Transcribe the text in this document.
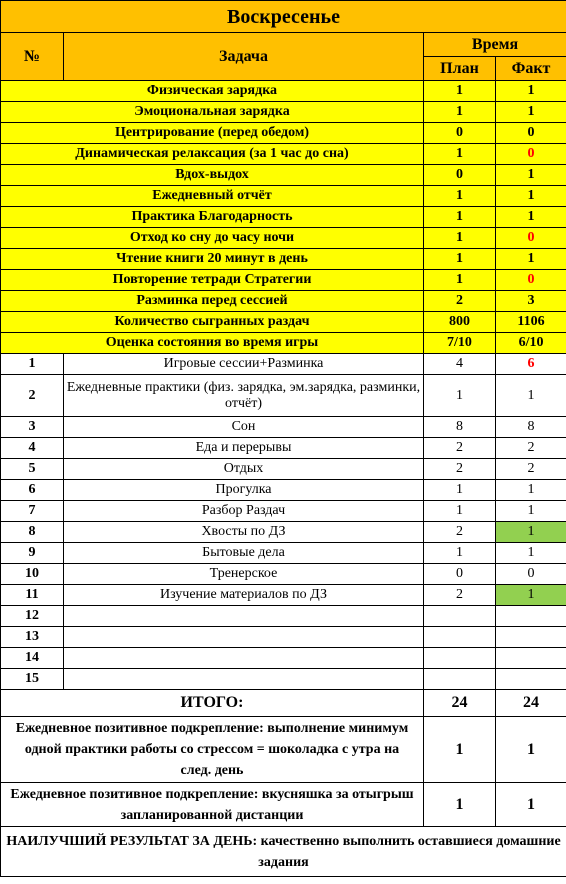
Воскресенье			
№	Задача	Время	
		План	Факт
Физическая зарядка		1	1
Эмоциональная зарядка		1	1
Центрирование (перед обедом)		0	0
Динамическая релаксация (за 1 час до сна)		1	0
Вдох-выдох		0	1
Ежедневный отчёт		1	1
Практика Благодарность		1	1
Отход ко сну до часу ночи		1	0
Чтение книги 20 минут в день		1	1
Повторение тетради Стратегии		1	0
Разминка перед сессией		2	3
Количество сыгранных раздач		800	1106
Оценка состояния во время игры		7/10	6/10
1	Игровые сессии+Разминка	4	6
2	Ежедневные практики (физ. зарядка, эм.зарядка, разминки, отчёт)	1	1
3	Сон	8	8
4	Еда и перерывы	2	2
5	Отдых	2	2
6	Прогулка	1	1
7	Разбор Раздач	1	1
8	Хвосты по ДЗ	2	1
9	Бытовые дела	1	1
10	Тренерское	0	0
11	Изучение материалов по ДЗ	2	1
12			
13			
14			
15			
ИТОГО:		24	24
Ежедневное позитивное подкрепление: выполнение минимум одной практики работы со стрессом = шоколадка с утра на след. день		1	1
Ежедневное позитивное подкрепление: вкусняшка за отыгрыш запланированной дистанции		1	1
НАИЛУЧШИЙ РЕЗУЛЬТАТ ЗА ДЕНЬ: качественно выполнить оставшиеся домашние задания			
